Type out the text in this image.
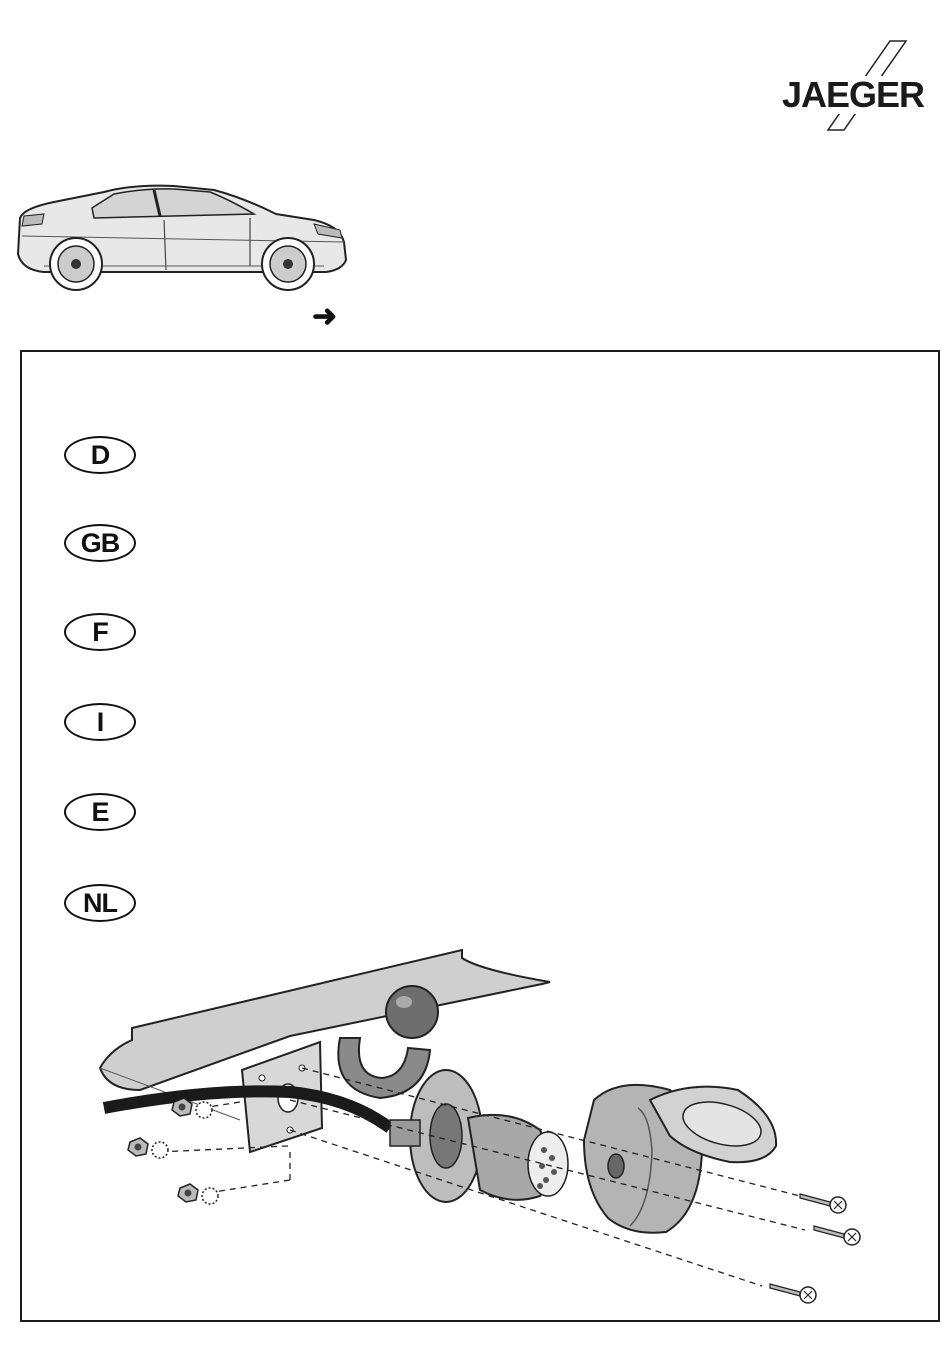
JAEGER
➜
D
GB
F
I
E
NL
